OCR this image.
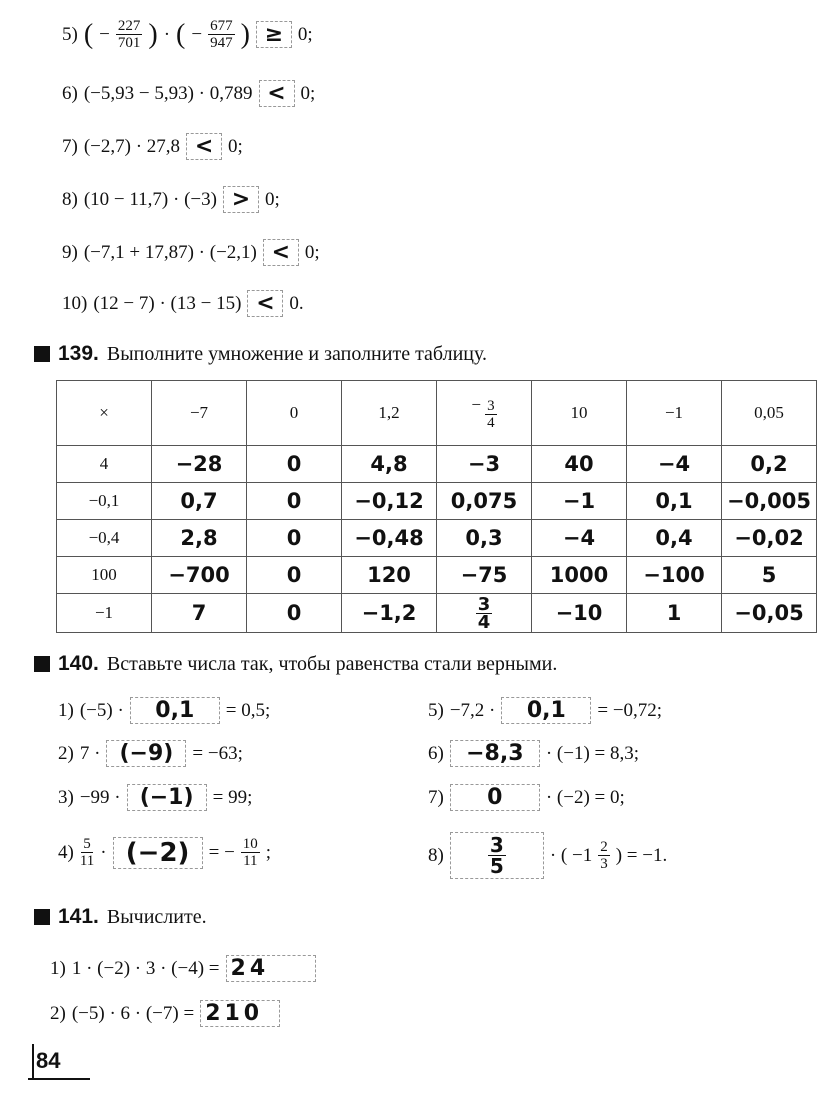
5) ( − $\frac{227}{701}$ ) · ( − $\frac{677}{947}$ ) ≥ 0;
6) (−5,93 − 5,93) · 0,789 < 0;
7) (−2,7) · 27,8 < 0;
8) (10 − 11,7) · (−3) > 0;
9) (−7,1 + 17,87) · (−2,1) < 0;
10) (12 − 7) · (13 − 15) < 0.
139. Выполните умножение и заполните таблицу.
×	−7	0	1,2	− $\frac{3}{4}$	10	−1	0,05
4	−28	0	4,8	−3	40	−4	0,2
−0,1	0,7	0	−0,12	0,075	−1	0,1	−0,005
−0,4	2,8	0	−0,48	0,3	−4	0,4	−0,02
100	−700	0	120	−75	1000	−100	5
−1	7	0	−1,2	$\frac{3}{4}$	−10	1	−0,05
140. Вставьте числа так, чтобы равенства стали верными.
1) (−5) ·	0,1	= 0,5;
2) 7 · (−9)	= −63;
3) −99 · (−1)	= 99;
$4) \frac{5}{11} \cdot (-2)$	= − $\frac{10}{11}$ ;
5) −7,2 ·	0,1	= −0,72;
6)	−8,3	· (−1) = 8,3;
7)	0	· (−2) = 0;
$8) \frac{3}{5}$ · ( $-1 \frac{2}{3}$ ) = −1.
141. Вычислите.
1) 1 · (−2) · 3 · (−4) = 24
2) (−5) · 6 · (−7) = 210
84
